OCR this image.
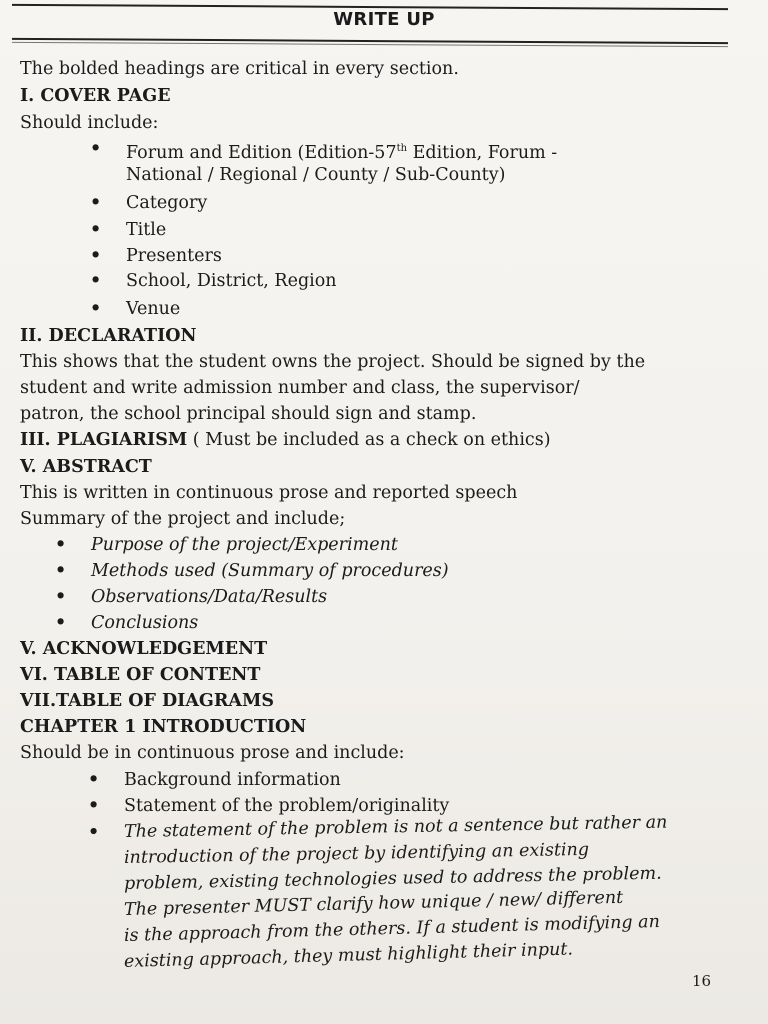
WRITE UP
The bolded headings are critical in every section.
I. COVER PAGE
Should include:
• Forum and Edition (Edition-57th Edition, Forum -
National / Regional / County / Sub-County)
• Category
• Title
• Presenters
• School, District, Region
• Venue
II. DECLARATION
This shows that the student owns the project. Should be signed by the
student and write admission number and class, the supervisor/
patron, the school principal should sign and stamp.
III. PLAGIARISM ( Must be included as a check on ethics)
V. ABSTRACT
This is written in continuous prose and reported speech
Summary of the project and include;
• Purpose of the project/Experiment
• Methods used (Summary of procedures)
• Observations/Data/Results
• Conclusions
V. ACKNOWLEDGEMENT
VI. TABLE OF CONTENT
VII.TABLE OF DIAGRAMS
CHAPTER 1 INTRODUCTION
Should be in continuous prose and include:
• Background information
• Statement of the problem/originality
• The statement of the problem is not a sentence but rather an
introduction of the project by identifying an existing
problem, existing technologies used to address the problem.
The presenter MUST clarify how unique / new/ different
is the approach from the others. If a student is modifying an
existing approach, they must highlight their input.
16
